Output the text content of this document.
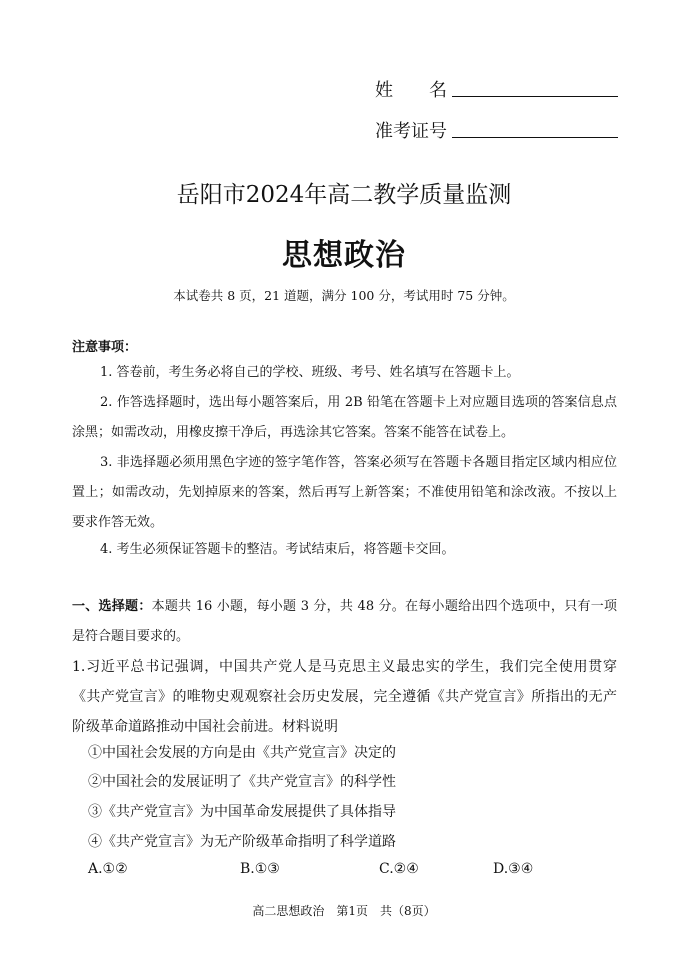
姓　　名
准考证号
岳阳市2024年高二教学质量监测
思想政治
本试卷共 8 页，21 道题，满分 100 分，考试用时 75 分钟。
注意事项：
1. 答卷前，考生务必将自己的学校、班级、考号、姓名填写在答题卡上。
2. 作答选择题时，选出每小题答案后，用 2B 铅笔在答题卡上对应题目选项的答案信息点涂黑；如需改动，用橡皮擦干净后，再选涂其它答案。答案不能答在试卷上。
3. 非选择题必须用黑色字迹的签字笔作答，答案必须写在答题卡各题目指定区域内相应位置上；如需改动，先划掉原来的答案，然后再写上新答案；不准使用铅笔和涂改液。不按以上要求作答无效。
4. 考生必须保证答题卡的整洁。考试结束后，将答题卡交回。
一、选择题：本题共 16 小题，每小题 3 分，共 48 分。在每小题给出四个选项中，只有一项是符合题目要求的。
1.习近平总书记强调，中国共产党人是马克思主义最忠实的学生，我们完全使用贯穿《共产党宣言》的唯物史观观察社会历史发展，完全遵循《共产党宣言》所指出的无产阶级革命道路推动中国社会前进。材料说明
①中国社会发展的方向是由《共产党宣言》决定的
②中国社会的发展证明了《共产党宣言》的科学性
③《共产党宣言》为中国革命发展提供了具体指导
④《共产党宣言》为无产阶级革命指明了科学道路
A.①②	B.①③	C.②④	D.③④
高二思想政治　第1页　共（8页）
